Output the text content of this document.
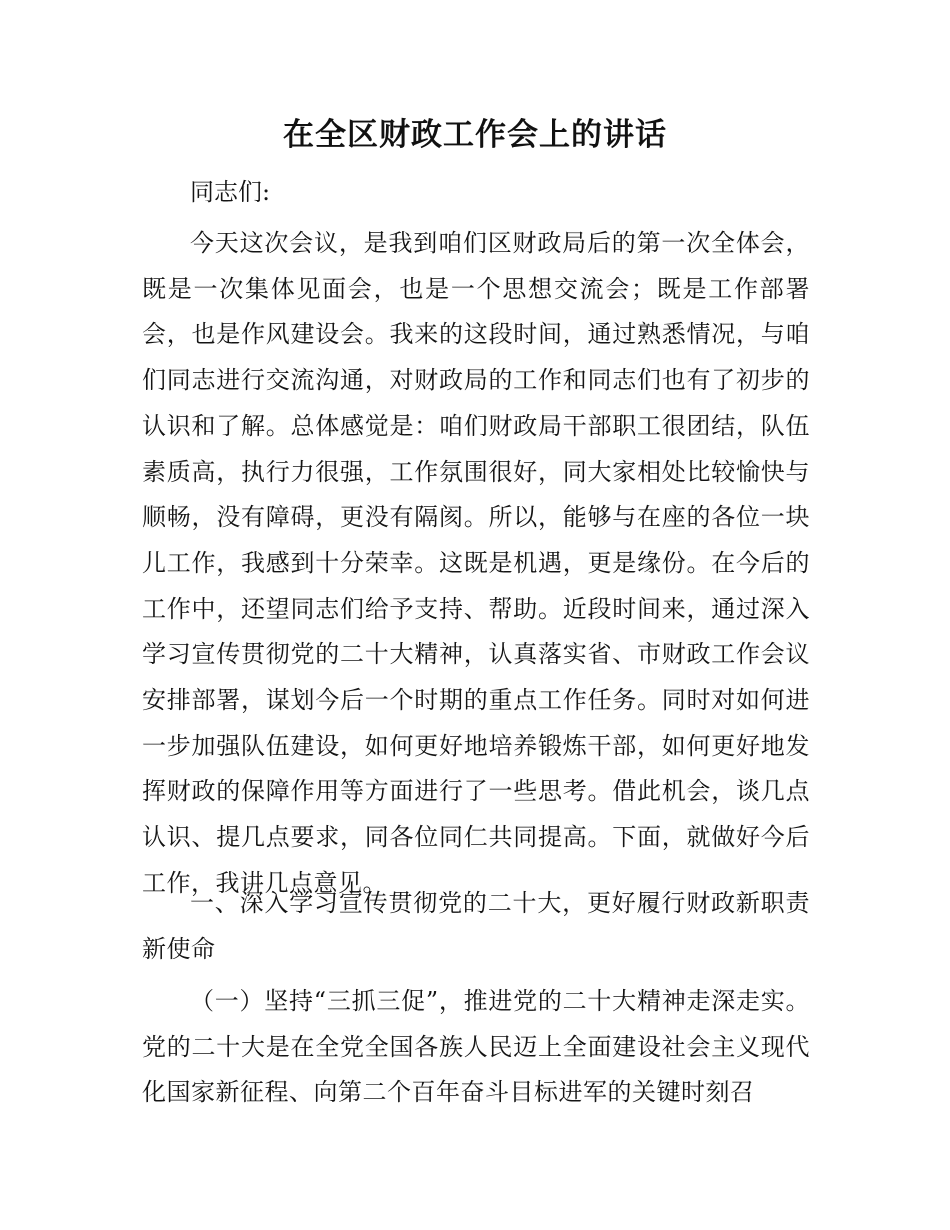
在全区财政工作会上的讲话
同志们:
今天这次会议，是我到咱们区财政局后的第一次全体会，既是一次集体见面会，也是一个思想交流会；既是工作部署会，也是作风建设会。我来的这段时间，通过熟悉情况，与咱们同志进行交流沟通，对财政局的工作和同志们也有了初步的认识和了解。总体感觉是：咱们财政局干部职工很团结，队伍素质高，执行力很强，工作氛围很好，同大家相处比较愉快与顺畅，没有障碍，更没有隔阂。所以，能够与在座的各位一块儿工作，我感到十分荣幸。这既是机遇，更是缘份。在今后的工作中，还望同志们给予支持、帮助。近段时间来，通过深入学习宣传贯彻党的二十大精神，认真落实省、市财政工作会议安排部署，谋划今后一个时期的重点工作任务。同时对如何进一步加强队伍建设，如何更好地培养锻炼干部，如何更好地发挥财政的保障作用等方面进行了一些思考。借此机会，谈几点认识、提几点要求，同各位同仁共同提高。下面，就做好今后工作，我讲几点意见。
一、深入学习宣传贯彻党的二十大，更好履行财政新职责新使命
（一）坚持“三抓三促”，推进党的二十大精神走深走实。党的二十大是在全党全国各族人民迈上全面建设社会主义现代化国家新征程、向第二个百年奋斗目标进军的关键时刻召
